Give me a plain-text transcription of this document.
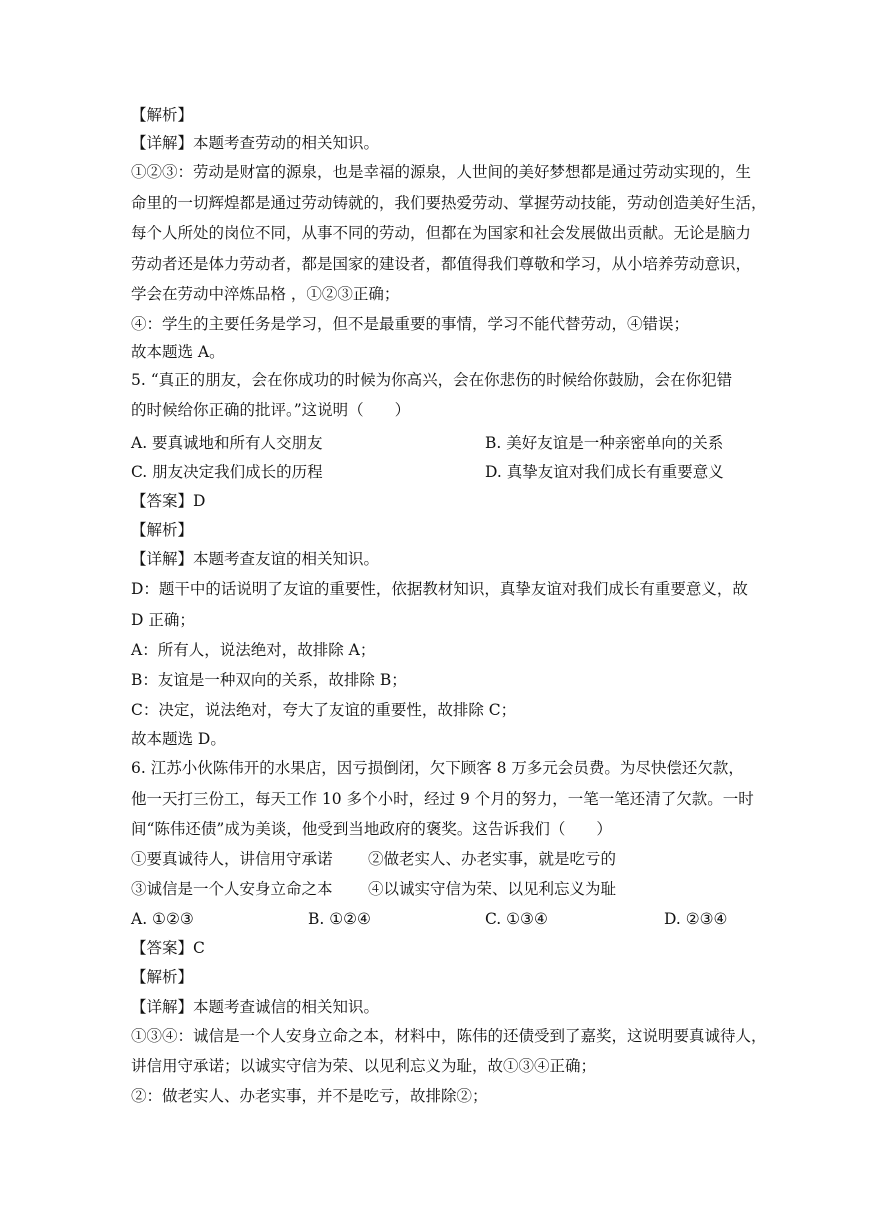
【解析】
【详解】本题考查劳动的相关知识。
①②③：劳动是财富的源泉，也是幸福的源泉，人世间的美好梦想都是通过劳动实现的，生
命里的一切辉煌都是通过劳动铸就的，我们要热爱劳动、掌握劳动技能，劳动创造美好生活，
每个人所处的岗位不同，从事不同的劳动，但都在为国家和社会发展做出贡献。无论是脑力
劳动者还是体力劳动者，都是国家的建设者，都值得我们尊敬和学习，从小培养劳动意识，
学会在劳动中淬炼品格 ，①②③正确；
④：学生的主要任务是学习，但不是最重要的事情，学习不能代替劳动，④错误；
故本题选 A。
5. “真正的朋友，会在你成功的时候为你高兴，会在你悲伤的时候给你鼓励，会在你犯错
的时候给你正确的批评。”这说明（　　）
A. 要真诚地和所有人交朋友	B. 美好友谊是一种亲密单向的关系
C. 朋友决定我们成长的历程	D. 真挚友谊对我们成长有重要意义
【答案】D
【解析】
【详解】本题考查友谊的相关知识。
D：题干中的话说明了友谊的重要性，依据教材知识，真挚友谊对我们成长有重要意义，故
D 正确；
A：所有人，说法绝对，故排除 A；
B：友谊是一种双向的关系，故排除 B；
C：决定，说法绝对，夸大了友谊的重要性，故排除 C；
故本题选 D。
6. 江苏小伙陈伟开的水果店，因亏损倒闭，欠下顾客 8 万多元会员费。为尽快偿还欠款，
他一天打三份工，每天工作 10 多个小时，经过 9 个月的努力，一笔一笔还清了欠款。一时
间“陈伟还债”成为美谈，他受到当地政府的褒奖。这告诉我们（　　）
①要真诚待人，讲信用守承诺 ②做老实人、办老实事，就是吃亏的
③诚信是一个人安身立命之本 ④以诚实守信为荣、以见利忘义为耻
A. ①②③	B. ①②④	C. ①③④	D. ②③④
【答案】C
【解析】
【详解】本题考查诚信的相关知识。
①③④：诚信是一个人安身立命之本，材料中，陈伟的还债受到了嘉奖，这说明要真诚待人，
讲信用守承诺；以诚实守信为荣、以见利忘义为耻，故①③④正确；
②：做老实人、办老实事，并不是吃亏，故排除②；
